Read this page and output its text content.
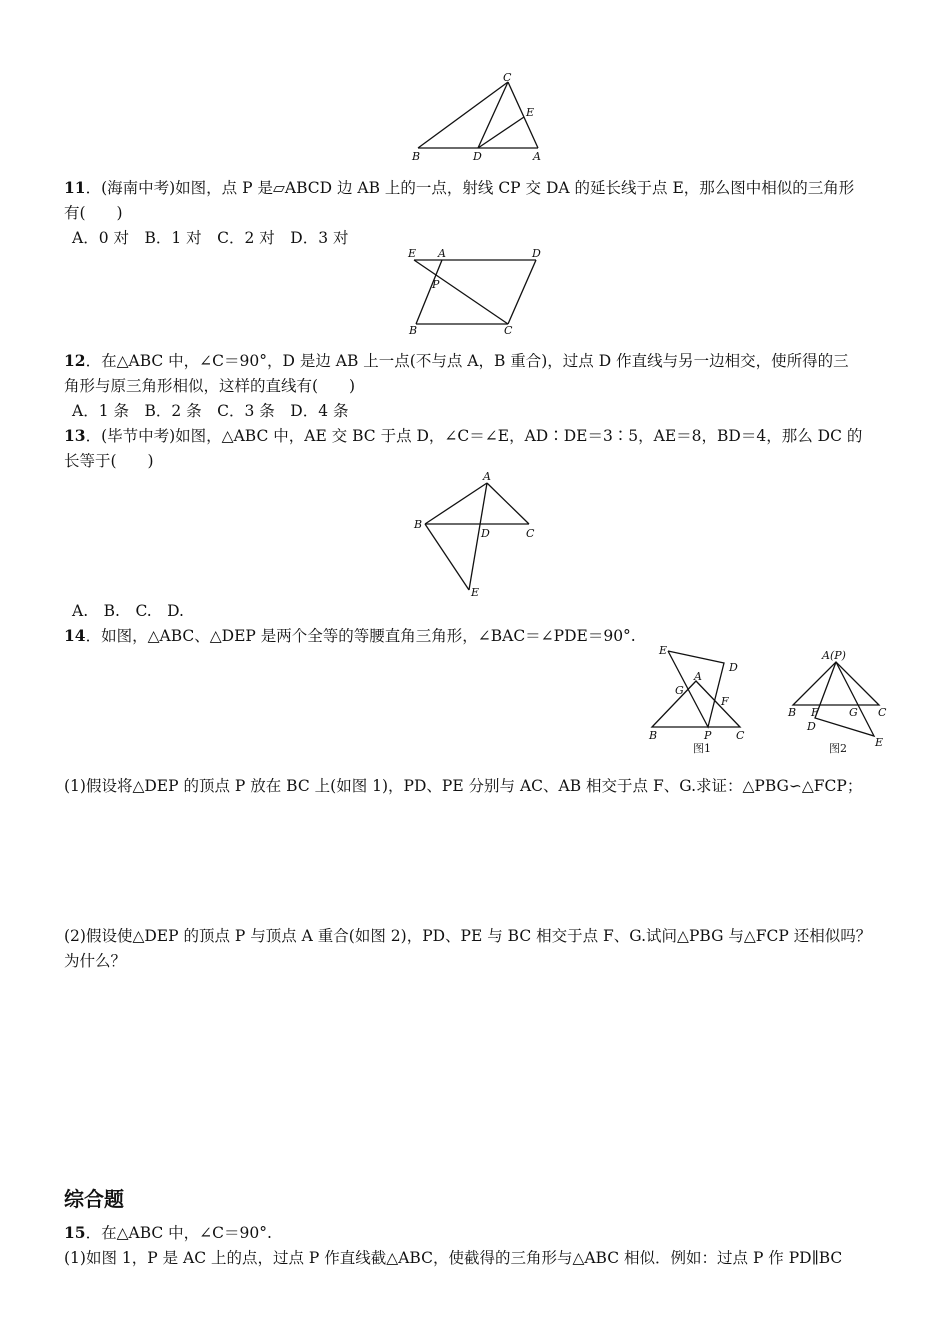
C
E
B	D	A
11．(海南中考)如图，点 P 是▱ABCD 边 AB 上的一点，射线 CP 交 DA 的延长线于点 E，那么图中相似的三角形
有(　　)
A．0 对　B．1 对　C．2 对　D．3 对
E A	D
P
B	C
12．在△ABC 中，∠C＝90°，D 是边 AB 上一点(不与点 A，B 重合)，过点 D 作直线与另一边相交，使所得的三
角形与原三角形相似，这样的直线有(　　)
A．1 条　B．2 条　C．3 条　D．4 条
13．(毕节中考)如图，△ABC 中，AE 交 BC 于点 D，∠C＝∠E，AD∶DE＝3∶5，AE＝8，BD＝4，那么 DC 的
长等于(　　)
A
B
D	C
E
A.　B.　C.　D.
14．如图，△ABC、△DEP 是两个全等的等腰直角三角形，∠BAC＝∠PDE＝90°.
E
D
A
G
F
B	P C
图1
A(P)
B F	G C
D
E
图2
(1)假设将△DEP 的顶点 P 放在 BC 上(如图 1)，PD、PE 分别与 AC、AB 相交于点 F、G.求证：△PBG∽△FCP；
(2)假设使△DEP 的顶点 P 与顶点 A 重合(如图 2)，PD、PE 与 BC 相交于点 F、G.试问△PBG 与△FCP 还相似吗？
为什么？
综合题
15．在△ABC 中，∠C＝90°.
(1)如图 1，P 是 AC 上的点，过点 P 作直线截△ABC，使截得的三角形与△ABC 相似．例如：过点 P 作 PD∥BC
